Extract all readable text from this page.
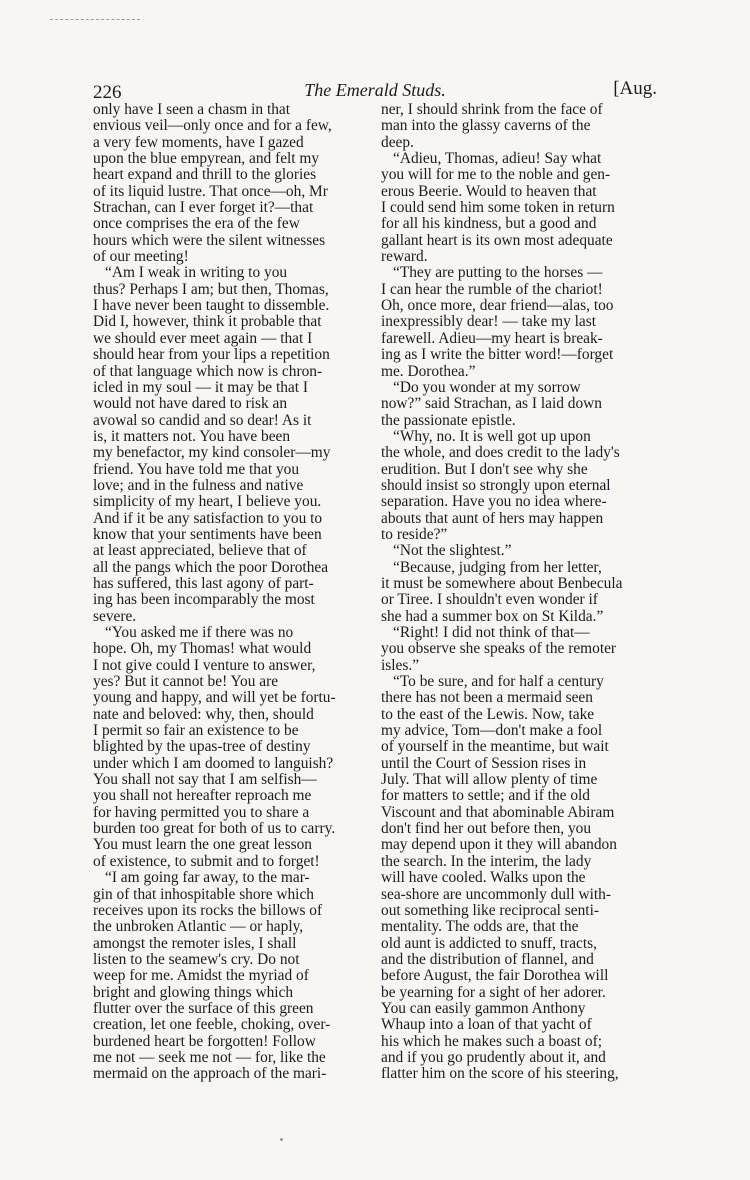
226	The Emerald Studs.	[Aug.
only have I seen a chasm in that
envious veil—only once and for a few,
a very few moments, have I gazed
upon the blue empyrean, and felt my
heart expand and thrill to the glories
of its liquid lustre. That once—oh, Mr
Strachan, can I ever forget it?—that
once comprises the era of the few
hours which were the silent witnesses
of our meeting!
“Am I weak in writing to you
thus? Perhaps I am; but then, Thomas,
I have never been taught to dissemble.
Did I, however, think it probable that
we should ever meet again — that I
should hear from your lips a repetition
of that language which now is chron-
icled in my soul — it may be that I
would not have dared to risk an
avowal so candid and so dear! As it
is, it matters not. You have been
my benefactor, my kind consoler—my
friend. You have told me that you
love; and in the fulness and native
simplicity of my heart, I believe you.
And if it be any satisfaction to you to
know that your sentiments have been
at least appreciated, believe that of
all the pangs which the poor Dorothea
has suffered, this last agony of part-
ing has been incomparably the most
severe.
“You asked me if there was no
hope. Oh, my Thomas! what would
I not give could I venture to answer,
yes? But it cannot be! You are
young and happy, and will yet be fortu-
nate and beloved: why, then, should
I permit so fair an existence to be
blighted by the upas-tree of destiny
under which I am doomed to languish?
You shall not say that I am selfish—
you shall not hereafter reproach me
for having permitted you to share a
burden too great for both of us to carry.
You must learn the one great lesson
of existence, to submit and to forget!
“I am going far away, to the mar-
gin of that inhospitable shore which
receives upon its rocks the billows of
the unbroken Atlantic — or haply,
amongst the remoter isles, I shall
listen to the seamew's cry. Do not
weep for me. Amidst the myriad of
bright and glowing things which
flutter over the surface of this green
creation, let one feeble, choking, over-
burdened heart be forgotten! Follow
me not — seek me not — for, like the
mermaid on the approach of the mari-
ner, I should shrink from the face of
man into the glassy caverns of the
deep.
“Adieu, Thomas, adieu! Say what
you will for me to the noble and gen-
erous Beerie. Would to heaven that
I could send him some token in return
for all his kindness, but a good and
gallant heart is its own most adequate
reward.
“They are putting to the horses —
I can hear the rumble of the chariot!
Oh, once more, dear friend—alas, too
inexpressibly dear! — take my last
farewell. Adieu—my heart is break-
ing as I write the bitter word!—forget
me. Dorothea.”
“Do you wonder at my sorrow
now?” said Strachan, as I laid down
the passionate epistle.
“Why, no. It is well got up upon
the whole, and does credit to the lady's
erudition. But I don't see why she
should insist so strongly upon eternal
separation. Have you no idea where-
abouts that aunt of hers may happen
to reside?”
“Not the slightest.”
“Because, judging from her letter,
it must be somewhere about Benbecula
or Tiree. I shouldn't even wonder if
she had a summer box on St Kilda.”
“Right! I did not think of that—
you observe she speaks of the remoter
isles.”
“To be sure, and for half a century
there has not been a mermaid seen
to the east of the Lewis. Now, take
my advice, Tom—don't make a fool
of yourself in the meantime, but wait
until the Court of Session rises in
July. That will allow plenty of time
for matters to settle; and if the old
Viscount and that abominable Abiram
don't find her out before then, you
may depend upon it they will abandon
the search. In the interim, the lady
will have cooled. Walks upon the
sea-shore are uncommonly dull with-
out something like reciprocal senti-
mentality. The odds are, that the
old aunt is addicted to snuff, tracts,
and the distribution of flannel, and
before August, the fair Dorothea will
be yearning for a sight of her adorer.
You can easily gammon Anthony
Whaup into a loan of that yacht of
his which he makes such a boast of;
and if you go prudently about it, and
flatter him on the score of his steering,
